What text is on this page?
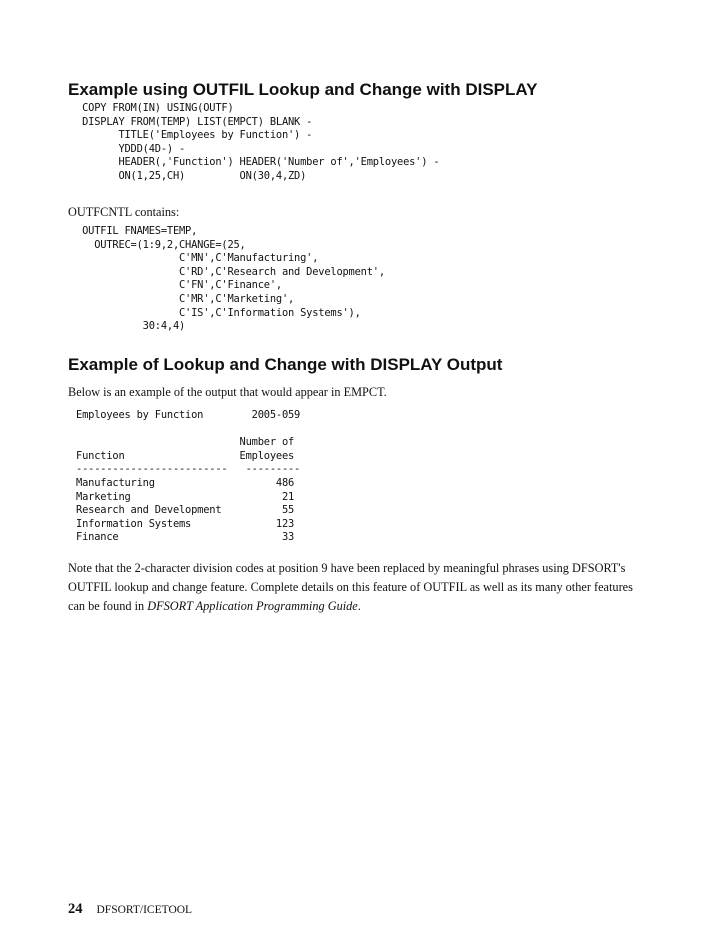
Example using OUTFIL Lookup and Change with DISPLAY
COPY FROM(IN) USING(OUTF)
DISPLAY FROM(TEMP) LIST(EMPCT) BLANK -
TITLE('Employees by Function') -
YDDD(4D-) -
HEADER(,'Function') HEADER('Number of','Employees') -
ON(1,25,CH)         ON(30,4,ZD)

OUTFCNTL contains:

OUTFIL FNAMES=TEMP,
OUTREC=(1:9,2,CHANGE=(25,
C'MN',C'Manufacturing',
C'RD',C'Research and Development',
C'FN',C'Finance',
C'MR',C'Marketing',
C'IS',C'Information Systems'),
30:4,4)
Example of Lookup and Change with DISPLAY Output

Below is an example of the output that would appear in EMPCT.

Employees by Function        2005-059

Number of
Function                   Employees
-------------------------   ---------
Manufacturing                    486
Marketing                         21
Research and Development          55
Information Systems              123
Finance                           33

Note that the 2-character division codes at position 9 have been replaced by meaningful phrases using DFSORT's OUTFIL lookup and change feature. Complete details on this feature of OUTFIL as well as its many other features can be found in DFSORT Application Programming Guide.

24 DFSORT/ICETOOL
